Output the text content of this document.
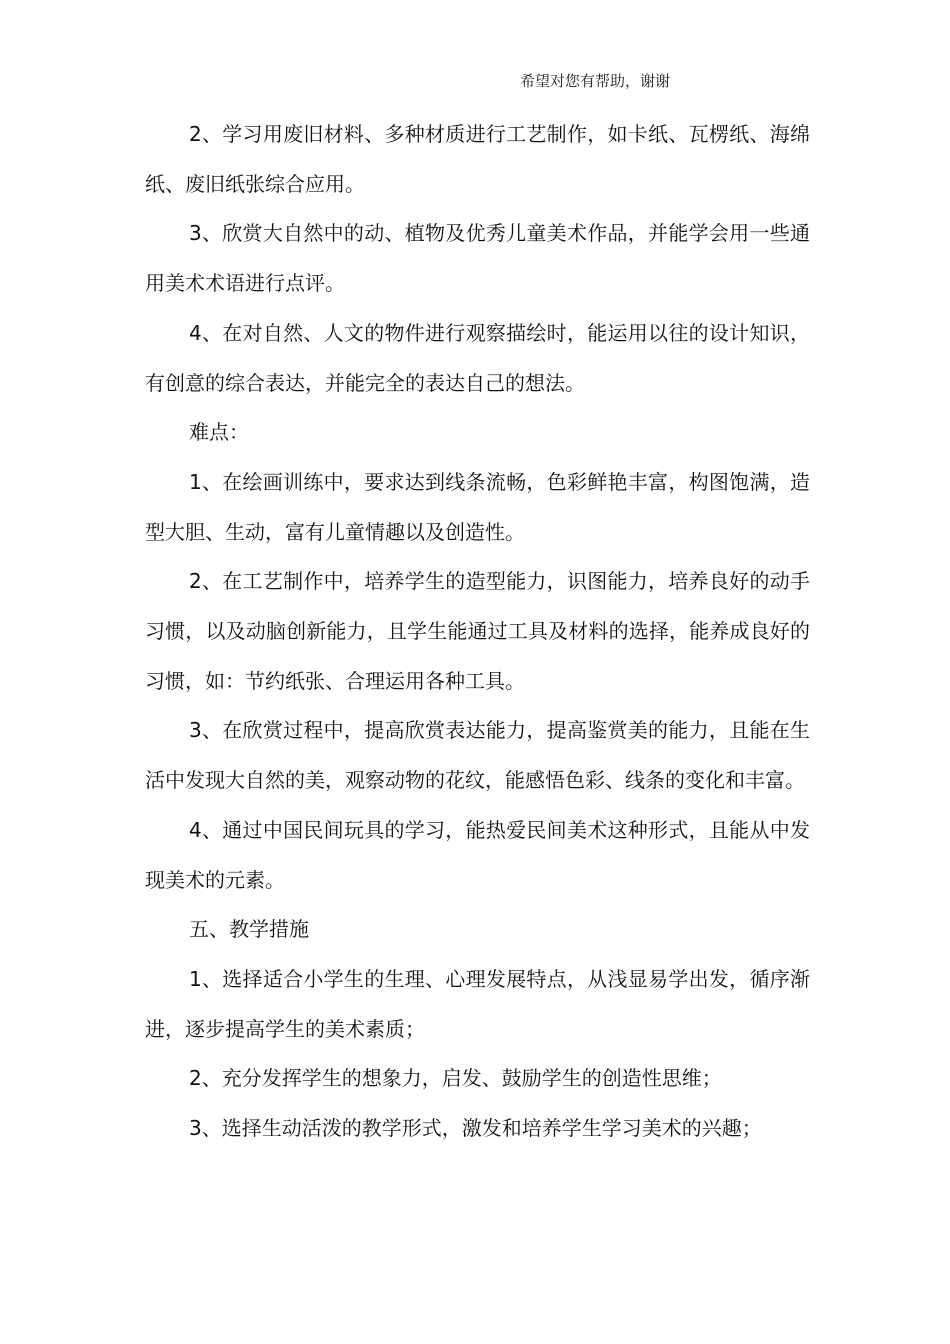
希望对您有帮助，谢谢

2、学习用废旧材料、多种材质进行工艺制作，如卡纸、瓦楞纸、海绵纸、废旧纸张综合应用。

3、欣赏大自然中的动、植物及优秀儿童美术作品，并能学会用一些通用美术术语进行点评。

4、在对自然、人文的物件进行观察描绘时，能运用以往的设计知识，有创意的综合表达，并能完全的表达自己的想法。

难点：

1、在绘画训练中，要求达到线条流畅，色彩鲜艳丰富，构图饱满，造型大胆、生动，富有儿童情趣以及创造性。

2、在工艺制作中，培养学生的造型能力，识图能力，培养良好的动手习惯，以及动脑创新能力，且学生能通过工具及材料的选择，能养成良好的习惯，如：节约纸张、合理运用各种工具。

3、在欣赏过程中，提高欣赏表达能力，提高鉴赏美的能力，且能在生活中发现大自然的美，观察动物的花纹，能感悟色彩、线条的变化和丰富。

4、通过中国民间玩具的学习，能热爱民间美术这种形式，且能从中发现美术的元素。

五、教学措施

1、选择适合小学生的生理、心理发展特点，从浅显易学出发，循序渐进，逐步提高学生的美术素质；

2、充分发挥学生的想象力，启发、鼓励学生的创造性思维；

3、选择生动活泼的教学形式，激发和培养学生学习美术的兴趣；
